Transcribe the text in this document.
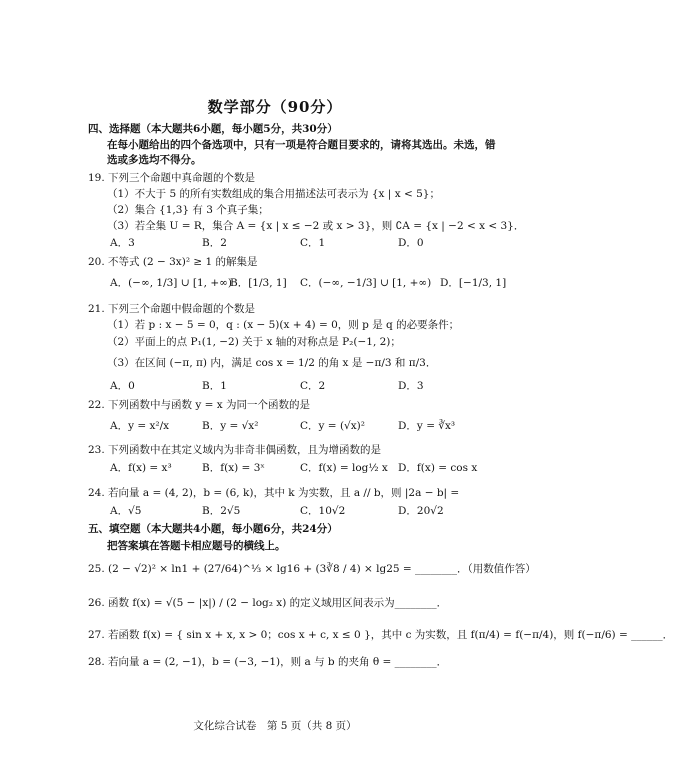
数学部分（90分）
四、选择题（本大题共6小题，每小题5分，共30分）
在每小题给出的四个备选项中，只有一项是符合题目要求的，请将其选出。未选，错
选或多选均不得分。
19. 下列三个命题中真命题的个数是
（1）不大于 5 的所有实数组成的集合用描述法可表示为 {x | x < 5}；
（2）集合 {1,3} 有 3 个真子集；
（3）若全集 U = R，集合 A = {x | x ≤ −2 或 x > 3}，则 ∁A = {x | −2 < x < 3}．
A．3	B．2	C．1	D．0
20. 不等式 (2 − 3x)² ≥ 1 的解集是
A．(−∞, 1/3] ∪ [1, +∞)
B．[1/3, 1] C．(−∞, −1/3] ∪ [1, +∞) D．[−1/3, 1]
21. 下列三个命题中假命题的个数是
（1）若 p : x − 5 = 0，q : (x − 5)(x + 4) = 0，则 p 是 q 的必要条件；
（2）平面上的点 P₁(1, −2) 关于 x 轴的对称点是 P₂(−1, 2)；
（3）在区间 (−π, π) 内，满足 cos x = 1/2 的角 x 是 −π/3 和 π/3．
A．0	B．1	C．2	D．3
22. 下列函数中与函数 y = x 为同一个函数的是
A．y = x²/x	B．y = √x²	C．y = (√x)²	D．y = ∛x³
23. 下列函数中在其定义域内为非奇非偶函数，且为增函数的是
A．f(x) = x³	B．f(x) = 3ˣ	C．f(x) = log½ x D．f(x) = cos x
24. 若向量 a = (4, 2)，b = (6, k)，其中 k 为实数，且 a // b，则 |2a − b| =
A．√5	B．2√5	C．10√2	D．20√2
五、填空题（本大题共4小题，每小题6分，共24分）
把答案填在答题卡相应题号的横线上。
25. (2 − √2)² × ln1 + (27/64)^⅓ × lg16 + (3∛8 / 4) × lg25 = ________．（用数值作答）
26. 函数 f(x) = √(5 − |x|) / (2 − log₂ x) 的定义域用区间表示为________．
27. 若函数 f(x) = { sin x + x, x > 0；cos x + c, x ≤ 0 }，其中 c 为实数，且 f(π/4) = f(−π/4)，则 f(−π/6) = ______．
28. 若向量 a = (2, −1)，b = (−3, −1)，则 a 与 b 的夹角 θ = ________．
文化综合试卷　第 5 页（共 8 页）
